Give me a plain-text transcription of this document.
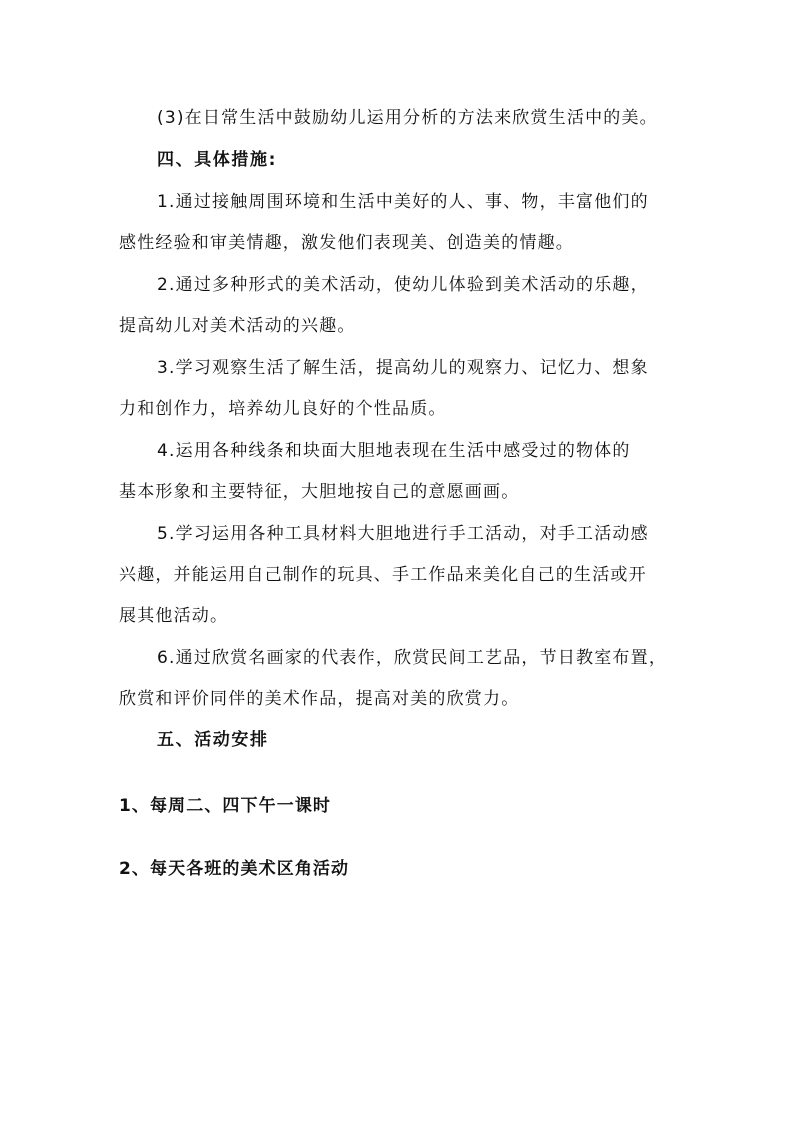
(3)在日常生活中鼓励幼儿运用分析的方法来欣赏生活中的美。
四、具体措施:
1.通过接触周围环境和生活中美好的人、事、物，丰富他们的
感性经验和审美情趣，激发他们表现美、创造美的情趣。
2.通过多种形式的美术活动，使幼儿体验到美术活动的乐趣，
提高幼儿对美术活动的兴趣。
3.学习观察生活了解生活，提高幼儿的观察力、记忆力、想象
力和创作力，培养幼儿良好的个性品质。
4.运用各种线条和块面大胆地表现在生活中感受过的物体的
基本形象和主要特征，大胆地按自己的意愿画画。
5.学习运用各种工具材料大胆地进行手工活动，对手工活动感
兴趣，并能运用自己制作的玩具、手工作品来美化自己的生活或开
展其他活动。
6.通过欣赏名画家的代表作，欣赏民间工艺品，节日教室布置，
欣赏和评价同伴的美术作品，提高对美的欣赏力。
五、活动安排
1、每周二、四下午一课时
2、每天各班的美术区角活动
